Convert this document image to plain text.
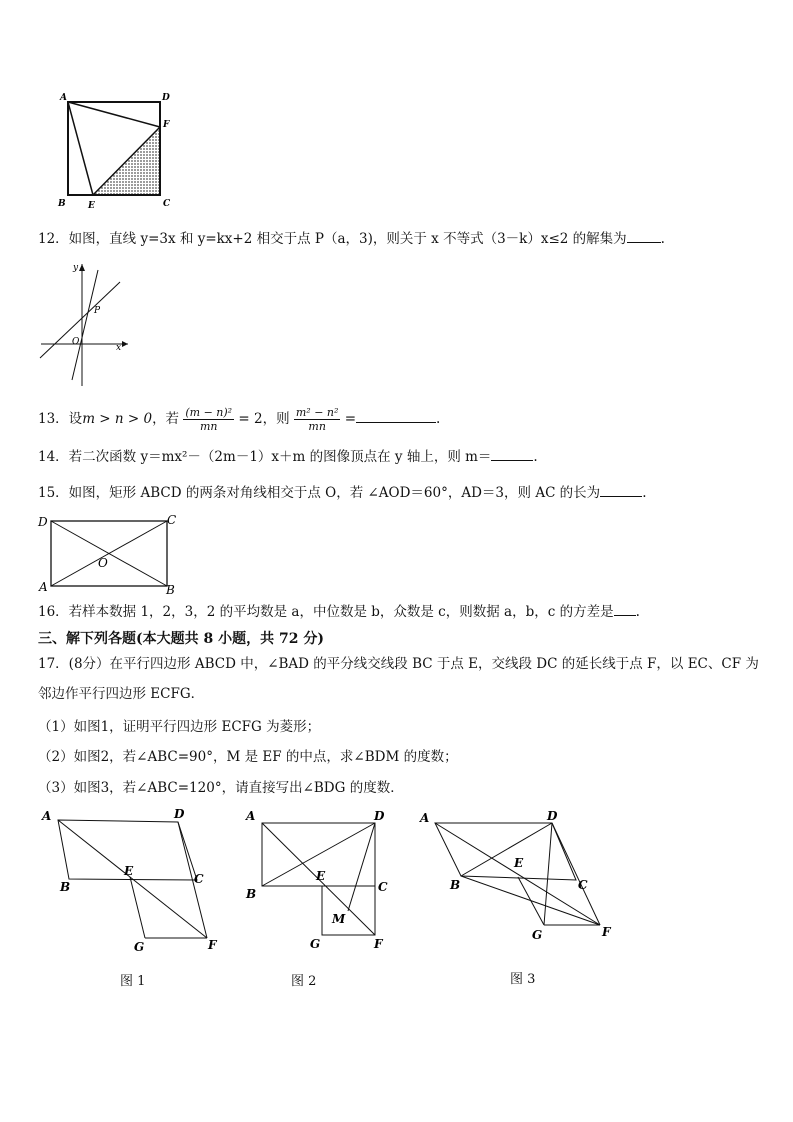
A	D
F
B E	C
12．如图，直线 y=3x 和 y=kx+2 相交于点 P（a，3)，则关于 x 不等式（3－k）x≤2 的解集为	.
y
P
O
x
13．设m > n > 0，若 $\frac{\text{(m − n)²}}{mn} = 2$，则 $\frac{\text{m² − n²}}{mn}$ =	.
14．若二次函数 y＝mx²－（2m－1）x＋m 的图像顶点在 y 轴上，则 m＝	.
15．如图，矩形 ABCD 的两条对角线相交于点 O，若 ∠AOD＝60°，AD＝3，则 AC 的长为	.
D	C
O
A	B
16．若样本数据 1，2，3，2 的平均数是 a，中位数是 b，众数是 c，则数据 a，b，c 的方差是 .
三、解下列各题(本大题共 8 小题，共 72 分)
17．(8分）在平行四边形 ABCD 中，∠BAD 的平分线交线段 BC 于点 E，交线段 DC 的延长线于点 F，以 EC、CF 为
邻边作平行四边形 ECFG．
（1）如图1，证明平行四边形 ECFG 为菱形；
（2）如图2，若∠ABC=90°，M 是 EF 的中点，求∠BDM 的度数；
（3）如图3，若∠ABC=120°，请直接写出∠BDG 的度数．
A	D
B
E
C
G	F
图 1
A	D
B
E
C
M
G	F
图 2
A	D
B
E
C
G	F
图 3
